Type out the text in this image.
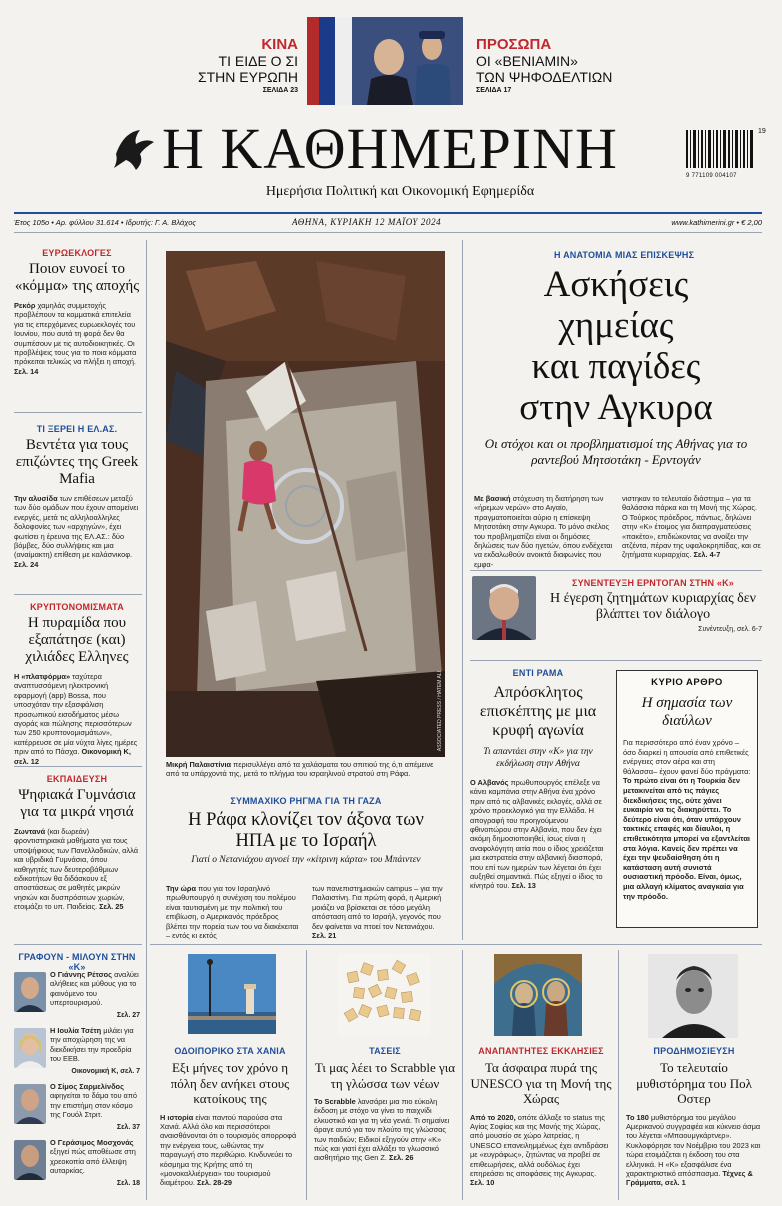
ΚΙΝΑ
ΤΙ ΕΙΔΕ Ο ΣΙ
ΣΤΗΝ ΕΥΡΩΠΗ
ΣΕΛΙΔΑ 23
ΠΡΟΣΩΠΑ
ΟΙ «ΒΕΝΙΑΜΙΝ»
ΤΩΝ ΨΗΦΟΔΕΛΤΙΩΝ
ΣΕΛΙΔΑ 17
Η ΚΑΘΗΜΕΡΙΝΗ
Ημερήσια Πολιτική και Οικονομική Εφημερίδα
9 771109 004107
19
Έτος 105ο • Αρ. φύλλου 31.614 • Ιδρυτής: Γ. Α. Βλάχος	ΑΘΗΝΑ, ΚΥΡΙΑΚΗ 12 ΜΑΪΟΥ 2024	www.kathimerini.gr • € 2,00
ΕΥΡΩΕΚΛΟΓΕΣ
Ποιον ευνοεί το «κόμμα» της αποχής
Ρεκόρ χαμηλάς συμμετοχής προβλέπουν τα κομματικά επιτελεία για τις επερχόμενες ευρωεκλογές του Ιουνίου, που αυτά τη φορά δεν θα συμπέσουν με τις αυτοδιοικητικές. Οι προβλέψεις τους για το ποια κόμματα πρόκειται τελικώς να πλήξει η αποχή. Σελ. 14
ΤΙ ΞΕΡΕΙ Η ΕΛ.ΑΣ.
Βεντέτα για τους επιζώντες της Greek Mafia
Την αλυσίδα των επιθέσεων μεταξύ των δύο ομάδων που έχουν απομείνει ενεργές, μετά τις αλληλοαλληλες δολοφονίες των «αρχηγών», έχει φωτίσει η έρευνα της ΕΛ.ΑΣ.: δύο βόμβες, δύο συλλήψεις και μια (αναίμακτη) επίθεση με καλάσνικοφ. Σελ. 24
ΚΡΥΠΤΟΝΟΜΙΣΜΑΤΑ
Η πυραμίδα που εξαπάτησε (και) χιλιάδες Ελληνες
Η «πλατφόρμα» ταχύτερα αναπτυσσόμενη ηλεκτρονική εφαρμογή (app) Bossa, που υποσχόταν την εξασφάλιση προσωπικού εισοδήματος μέσω αγοράς και πώλησης περισσότερων των 250 κρυπτονομισμάτων», κατέρρευσε σε μία νύχτα λίγες ημέρες πριν από το Πάσχα. Οικονομική Κ, σελ. 12
ΕΚΠΑΙΔΕΥΣΗ
Ψηφιακά Γυμνάσια για τα μικρά νησιά
Ζωντανά (και δωρεάν) φροντιστηριακά μαθήματα για τους υποψήφιους των Πανελλαδικών, αλλά και υβριδικά Γυμνάσια, όπου καθηγητές των δευτεροβάθμιων ειδικοτήτων θα διδάσκουν εξ αποστάσεως σε μαθητές μικρών νησιών και δυσπρόσιτων χωριών, ετοιμάζει το υπ. Παιδείας. Σελ. 25
ΓΡΑΦΟΥΝ - ΜΙΛΟΥΝ ΣΤΗΝ «Κ»
Ο Γιάννης Ρέτσος αναλύει αλήθειες και μύθους για το φαινόμενο του υπερτουρισμού.
Σελ. 27
Η Ιουλία Τσέτη μιλάει για την αποχώρηση της να διεκδικήσει την προεδρία του ΕΕΒ.
Οικονομική Κ, σελ. 7
Ο Σίμος Σαρμελίνδος αφηγείται το δάμα του από την επιστήμη στον κόσμο της Γουόλ Στριτ.
Σελ. 37
Ο Γεράσιμος Μοσχονάς εξηγεί πώς αποθέωσε στη χρεοκοπία από έλλειψη αυταρκίας.
Σελ. 18
ASSOCIATED PRESS / HATEM ALI
Μικρή Παλαιστίνια περισυλλέγει από τα χαλάσματα του σπιτιού της ό,τι απέμεινε από τα υπάρχοντά της, μετά το πλήγμα του ισραηλινού στρατού στη Ράφα.
ΣΥΜΜΑΧΙΚΟ ΡΗΓΜΑ ΓΙΑ ΤΗ ΓΑΖΑ
Η Ράφα κλονίζει τον άξονα των ΗΠΑ με το Ισραήλ
Γιατί ο Νετανιάχου αγνοεί την «κίτρινη κάρτα» του Μπάιντεν
Την ώρα που για τον Ισραηλινό πρωθυπουργό η συνέχιση του πολέμου είναι ταυτισμένη με την πολιτική του επιβίωση, ο Αμερικανός πρόεδρος βλέπει την πορεία των του να διακέκειται – εντός κι εκτός
των πανεπιστημιακών campus – για την Παλαιστίνη. Για πρώτη φορά, η Αμερική μοιάζει να βρίσκεται σε τόσο μεγάλη απόσταση από το Ισραήλ, γεγονός που δεν φαίνεται να πτοεί τον Νετανιάχου. Σελ. 21
Η ΑΝΑΤΟΜΙΑ ΜΙΑΣ ΕΠΙΣΚΕΨΗΣ
Ασκήσεις
χημείας
και παγίδες
στην Αγκυρα
Οι στόχοι και οι προβληματισμοί της Αθήνας για το ραντεβού Μητσοτάκη - Ερντογάν
Με βασική στόχευση τη διατήρηση των «ήρεμων νερών» στο Αιγαίο, πραγματοποιείται αύριο η επίσκεψη Μητσοτάκη στην Αγκυρα. Το μόνο σκέλος του προβληματίζει είναι οι δημόσιες δηλώσεις των δύο ηγετών, όπου ενδέχεται να εκδαλωθούν ανοικτά διαφωνίες που εμφα-
νιστηκαν το τελευταίο διάστημα – για τα θαλάσσια πάρκα και τη Μονή της Χώρας. Ο Τούρκος πρόεδρος, πάντως, δηλώνει στην «Κ» έτοιμος για διαπραγματεύσεις «πακέτο», επιδιώκοντας να ανοίξει την ατζέντα, πέραν της υφαλοκρηπίδας, και σε ζητήματα κυριαρχίας. Σελ. 4-7
ΣΥΝΕΝΤΕΥΞΗ ΕΡΝΤΟΓΑΝ ΣΤΗΝ «Κ»
Η έγερση ζητημάτων κυριαρχίας δεν βλάπτει τον διάλογο
Συνέντευξη, σελ. 6-7
ΕΝΤΙ ΡΑΜΑ
Απρόσκλητος επισκέπτης με μια κρυφή αγωνία
Τι απαντάει στην «Κ» για την εκδήλωση στην Αθήνα
Ο Αλβανός πρωθυπουργός επέλεξε να κάνει καμπάνια στην Αθήνα ένα χρόνο πριν από τις αλβανικές εκλογές, αλλά σε χρόνο προεκλογικό για την Ελλάδα. Η απογραφή του προηγούμενου φθινοπώρου στην Αλβανία, που δεν έχει ακόμη δημοσιοποιηθεί, ίσως είναι η αναφολόγητη αιτία που ο ίδιος χρειάζεται μια εκστρατεία στην αλβανική διασπορά, που επί των ημερών των λέγεται ότι έχει αυξηθεί σημαντικά. Πώς εξηγεί ο ίδιος το κίνητρό του. Σελ. 13
ΚΥΡΙΟ ΑΡΘΡΟ
Η σημασία των διαύλων
Για περισσότερο από έναν χρόνο –όσο διαρκεί η απουσία από επιθετικές ενέργειες στον αέρα και στη θάλασσα– έχουν φανεί δύο πράγματα: Το πρώτο είναι ότι η Τουρκία δεν μετακινείται από τις πάγιες διεκδικήσεις της, ούτε χάνει ευκαιρία να τις διακηρύττει. Το δεύτερο είναι ότι, όταν υπάρχουν τακτικές επαφές και δίαυλοι, η επιθετικότητα μπορεί να εξαντλείται στα λόγια. Κανείς δεν πρέπει να έχει την ψευδαίσθηση ότι η κατάσταση αυτή συνιστά ουσιαστική πρόοδο. Είναι, όμως, μια αλλαγή κλίματος αναγκαία για την πρόοδο.
ΟΔΟΙΠΟΡΙΚΟ ΣΤΑ ΧΑΝΙΑ
Εξι μήνες τον χρόνο η πόλη δεν ανήκει στους κατοίκους της
Η ιστορία είναι παντού παρούσα στα Χανιά. Αλλά όλο και περισσότεροι αναισθάνονται ότι ο τουρισμός απορροφά την ενέργεια τους, ωθώντας την παραγωγή στο περιθώριο. Κινδυνεύει το κόσμημα της Κρήτης από τη «μονοκαλλιέργεια» του τουρισμού διαμέτρου. Σελ. 28-29
ΤΑΣΕΙΣ
Τι μας λέει το Scrabble για τη γλώσσα των νέων
Το Scrabble λανσάρει μια πιο εύκολη έκδοση με στόχο να γίνει το παιχνίδι ελκυστικό και για τη νέα γενιά. Τι σημαίνει άραγε αυτό για τον πλούτο της γλώσσας των παιδιών; Ειδικοί εξηγούν στην «Κ» πώς και γιατί έχει αλλάξει το γλωσσικό αισθητήριο της Gen Z. Σελ. 26
ΑΝΑΠΑΝΤΗΤΕΣ ΕΚΚΛΗΣΙΕΣ
Τα άσφαιρα πυρά της UNESCO για τη Μονή της Χώρας
Από το 2020, οπότε άλλαξε το status της Αγίας Σοφίας και της Μονής της Χώρας, από μουσείο σε χώρο λατρείας, η UNESCO επανειλημμένως έχει αντιδράσει με «ευγράφως», ζητώντας να προβεί σε επιθεωρήσεις, αλλά ουδόλως έχει επηρεάσει τις αποφάσεις της Αγκυρας. Σελ. 10
ΠΡΟΔΗΜΟΣΙΕΥΣΗ
Το τελευταίο μυθιστόρημα του Πολ Οστερ
Το 180 μυθιστόρημα του μεγάλου Αμερικανού συγγραφέα και κύκνειο άσμα του λέγεται «Μπαουμγκάρτνερ». Κυκλοφόρησε τον Νοέμβριο του 2023 και τώρα ετοιμάζεται η έκδοση του στα ελληνικά. Η «Κ» εξασφάλισε ένα χαρακτηριστικό απόσπασμα. Τέχνες & Γράμματα, σελ. 1
